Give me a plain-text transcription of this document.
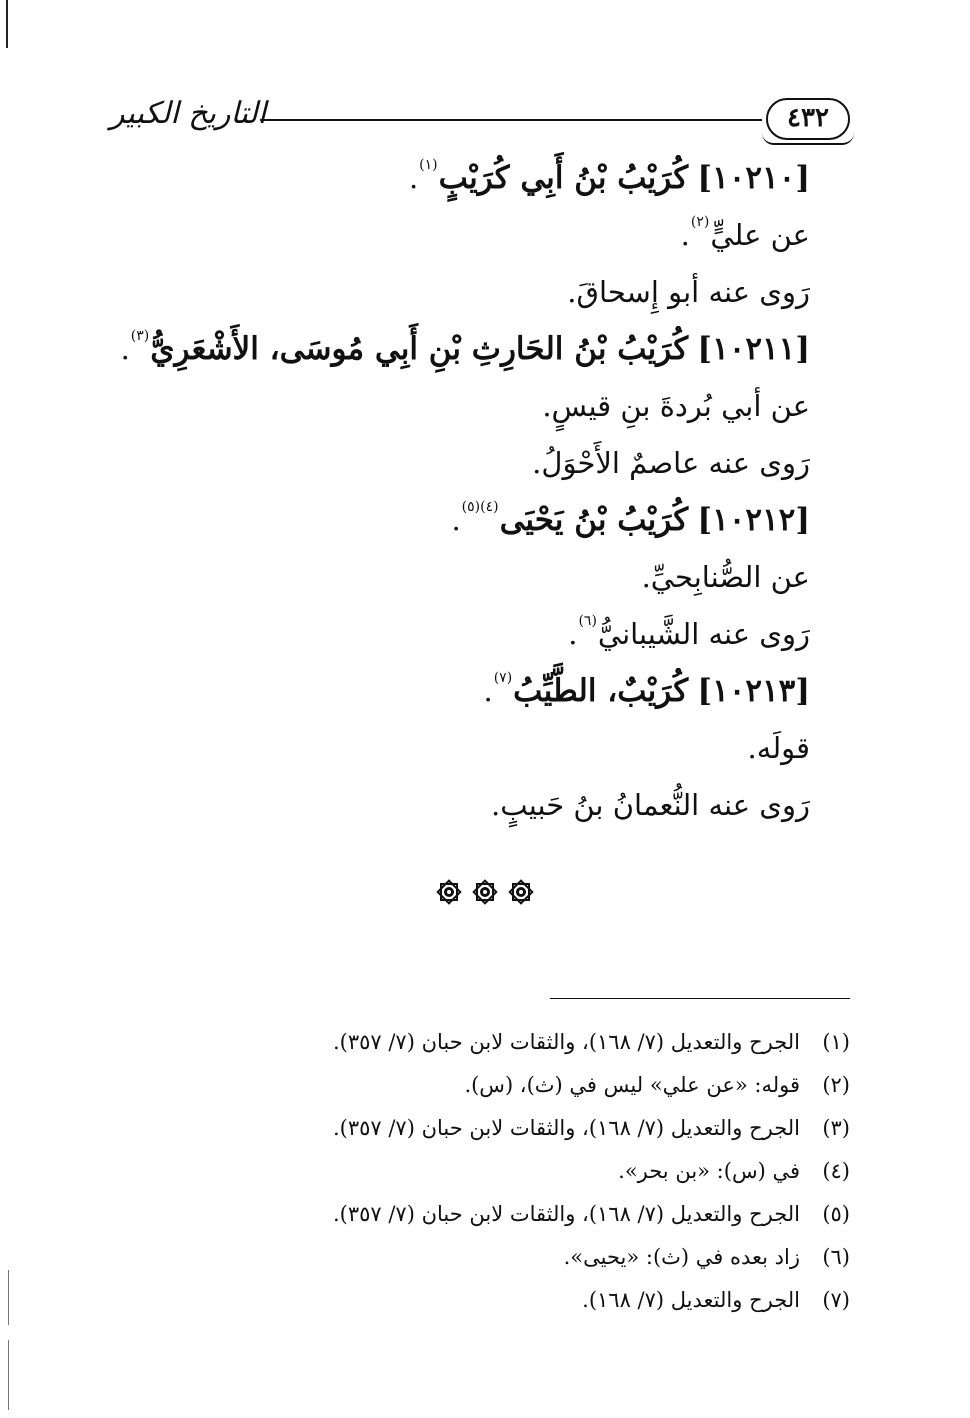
التاريخ الكبير	٤٣٢
[١٠٢١٠] كُرَيْبُ بْنُ أَبِي كُرَيْبٍ$^{(١)}$.
عن عليٍّ$^{(٢)}$.
رَوى عنه أبو إِسحاقَ.
[١٠٢١١] كُرَيْبُ بْنُ الحَارِثِ بْنِ أَبِي مُوسَى، الأَشْعَرِيُّ$^{(٣)}$.
عن أبي بُردةَ بنِ قيسٍ.
رَوى عنه عاصمٌ الأَحْوَلُ.
[١٠٢١٢] كُرَيْبُ بْنُ يَحْيَى$^{(٤)(٥)}$.
عن الصُّنابِحيِّ.
رَوى عنه الشَّيبانيُّ$^{(٦)}$.
[١٠٢١٣] كُرَيْبٌ، الطَّيِّبُ$^{(٧)}$.
قولَه.
رَوى عنه النُّعمانُ بنُ حَبيبٍ.
(١)الجرح والتعديل (٧/ ١٦٨)، والثقات لابن حبان (٧/ ٣٥٧).
(٢)قوله: «عن علي» ليس في (ث)، (س).
(٣)الجرح والتعديل (٧/ ١٦٨)، والثقات لابن حبان (٧/ ٣٥٧).
(٤)في (س): «بن بحر».
(٥)الجرح والتعديل (٧/ ١٦٨)، والثقات لابن حبان (٧/ ٣٥٧).
(٦)زاد بعده في (ث): «يحيى».
(٧)الجرح والتعديل (٧/ ١٦٨).
